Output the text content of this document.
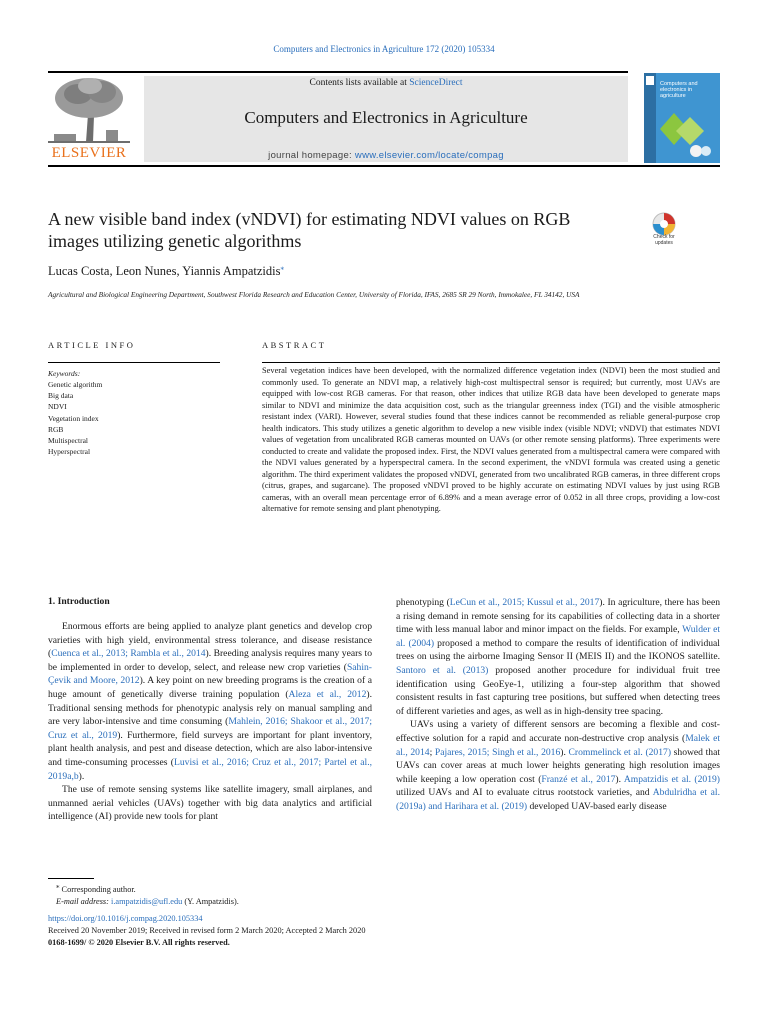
Computers and Electronics in Agriculture 172 (2020) 105334
ELSEVIER
Contents lists available at ScienceDirect
Computers and Electronics in Agriculture
journal homepage: www.elsevier.com/locate/compag
Computers and electronics in agriculture
A new visible band index (vNDVI) for estimating NDVI values on RGB images utilizing genetic algorithms	Check for updates
Lucas Costa, Leon Nunes, Yiannis Ampatzidis⁎
Agricultural and Biological Engineering Department, Southwest Florida Research and Education Center, University of Florida, IFAS, 2685 SR 29 North, Immokalee, FL 34142, USA
ARTICLE INFO	ABSTRACT
Keywords:
Genetic algorithm
Big data
NDVI
Vegetation index
RGB
Multispectral
Hyperspectral
Several vegetation indices have been developed, with the normalized difference vegetation index (NDVI) been the most studied and commonly used. To generate an NDVI map, a relatively high-cost multispectral sensor is required; but currently, most UAVs are equipped with low-cost RGB cameras. For that reason, other indices that utilize RGB data have been developed to generate maps similar to NDVI and minimize the data acquisition cost, such as the triangular greenness index (TGI) and the visible atmospheric resistant index (VARI). However, several studies found that these indices cannot be recommended as reliable general-purpose crop health indicators. This study utilizes a genetic algorithm to develop a new visible index (visible NDVI; vNDVI) that estimates NDVI values of vegetation from uncalibrated RGB cameras mounted on UAVs (or other remote sensing platforms). Three experiments were conducted to create and validate the proposed index. First, the NDVI values generated from a multispectral camera were compared with the NDVI values generated by a hyperspectral camera. In the second experiment, the vNDVI formula was created using a genetic algorithm. The third experiment validates the proposed vNDVI, generated from two uncalibrated RGB cameras, in three different crops (citrus, grapes, and sugarcane). The proposed vNDVI proved to be highly accurate on estimating NDVI values by just using RGB cameras, with an overall mean percentage error of 6.89% and a mean average error of 0.052 in all three crops, providing a low-cost alternative for remote sensing and plant phenotyping.
1. Introduction

Enormous efforts are being applied to analyze plant genetics and develop crop varieties with high yield, environmental stress tolerance, and disease resistance (Cuenca et al., 2013; Rambla et al., 2014). Breeding analysis requires many years to be implemented in order to develop, select, and release new crop varieties (Sahin-Çevik and Moore, 2012). A key point on new breeding programs is the creation of a huge amount of genetically diverse training population (Aleza et al., 2012). Traditional sensing methods for phenotypic analysis rely on manual sampling and are very labor-intensive and time consuming (Mahlein, 2016; Shakoor et al., 2017; Cruz et al., 2019). Furthermore, field surveys are important for plant inventory, plant health analysis, and pest and disease detection, which are also labor-intensive and time-consuming processes (Luvisi et al., 2016; Cruz et al., 2017; Partel et al., 2019a,b).

The use of remote sensing systems like satellite imagery, small airplanes, and unmanned aerial vehicles (UAVs) together with big data analytics and artificial intelligence (AI) provide new tools for plant

phenotyping (LeCun et al., 2015; Kussul et al., 2017). In agriculture, there has been a rising demand in remote sensing for its capabilities of collecting data in a shorter time with less manual labor and minor impact on the fields. For example, Wulder et al. (2004) proposed a method to compare the results of identification of individual trees on using the airborne Imaging Sensor II (MEIS II) and the IKONOS satellite. Santoro et al. (2013) proposed another procedure for individual fruit tree identification using GeoEye-1, utilizing a four-step algorithm that showed consistent results in fast capturing tree positions, but suffered when detecting trees of different varieties and ages, as well as in high-density tree spacing.

UAVs using a variety of different sensors are becoming a flexible and cost-effective solution for a rapid and accurate non-destructive crop analysis (Malek et al., 2014; Pajares, 2015; Singh et al., 2016). Crommelinck et al. (2017) showed that UAVs can cover areas at much lower heights generating high resolution images while keeping a low operation cost (Franzé et al., 2017). Ampatzidis et al. (2019) utilized UAVs and AI to evaluate citrus rootstock varieties, and Abdulridha et al. (2019a) and Harihara et al. (2019) developed UAV-based early disease

⁎ Corresponding author.
E-mail address: i.ampatzidis@ufl.edu (Y. Ampatzidis).
https://doi.org/10.1016/j.compag.2020.105334
Received 20 November 2019; Received in revised form 2 March 2020; Accepted 2 March 2020
0168-1699/ © 2020 Elsevier B.V. All rights reserved.
